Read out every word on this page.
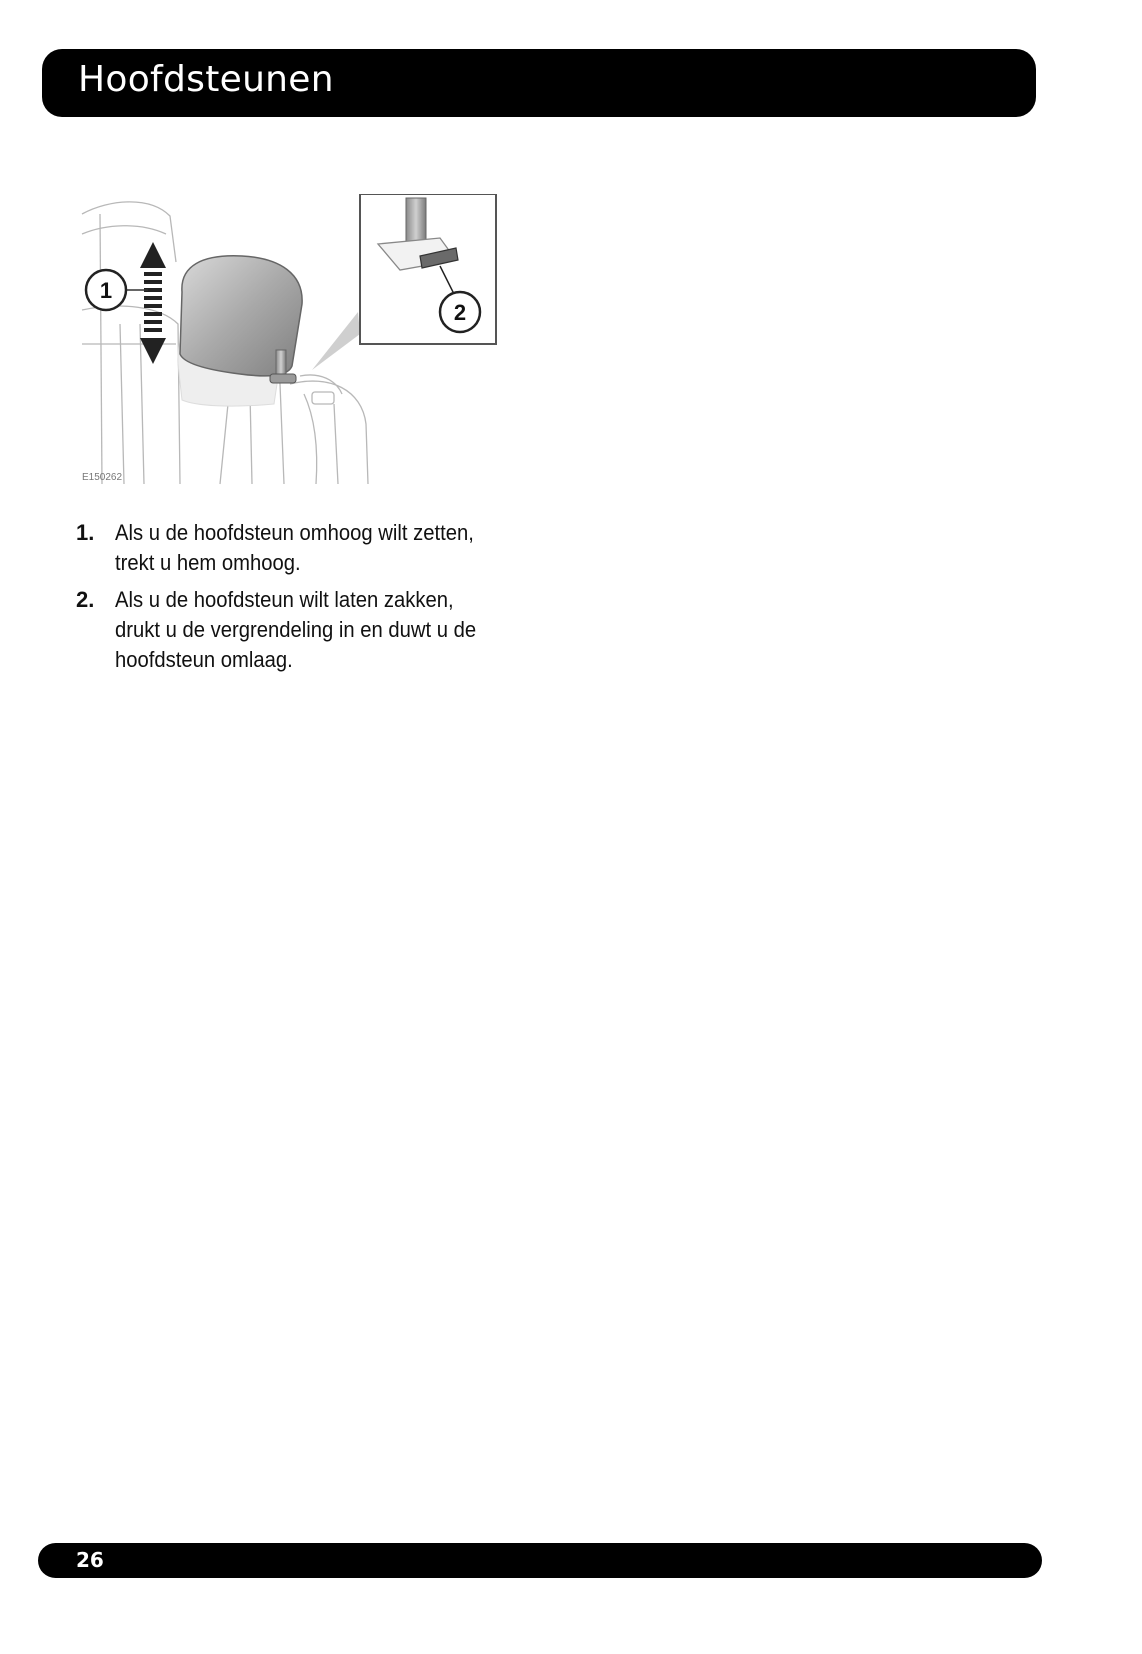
Hoofdsteunen
1
2
E150262
1. Als u de hoofdsteun omhoog wilt zetten, trekt u hem omhoog.
2. Als u de hoofdsteun wilt laten zakken, drukt u de vergrendeling in en duwt u de hoofdsteun omlaag.
26
